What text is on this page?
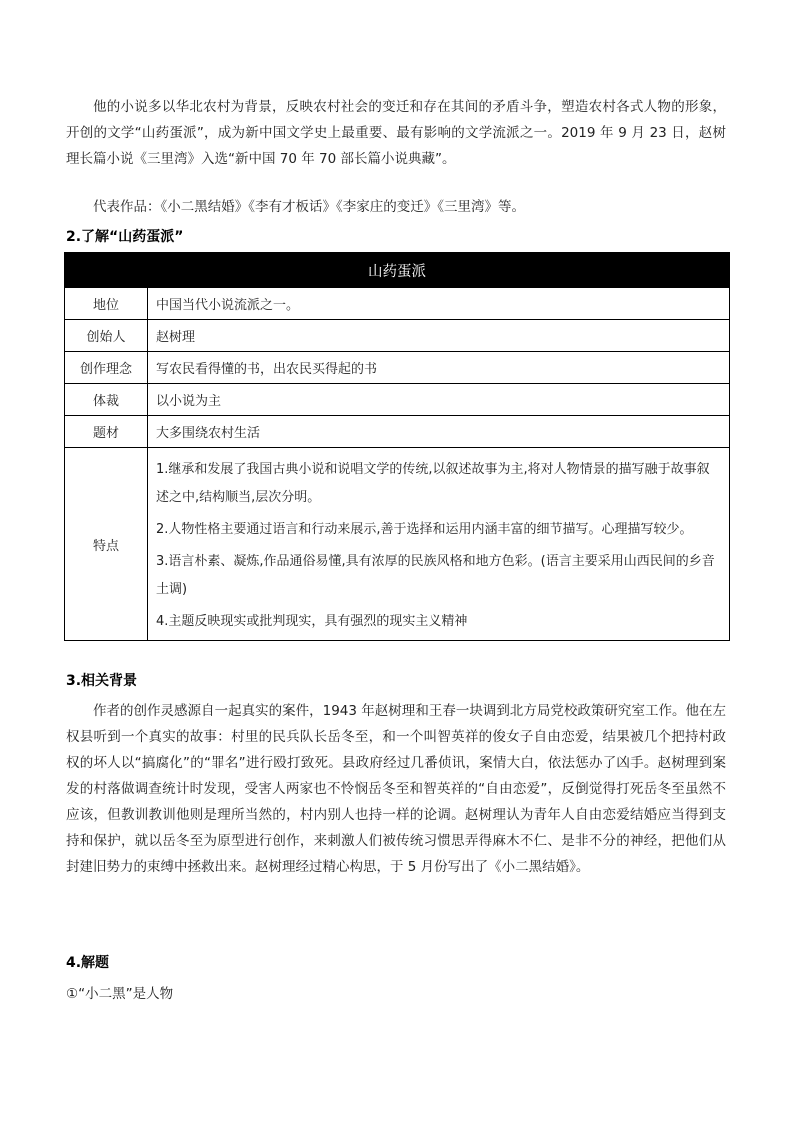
他的小说多以华北农村为背景，反映农村社会的变迁和存在其间的矛盾斗争，塑造农村各式人物的形象，开创的文学“山药蛋派”，成为新中国文学史上最重要、最有影响的文学流派之一。2019 年 9 月 23 日，赵树理长篇小说《三里湾》入选“新中国 70 年 70 部长篇小说典藏”。

代表作品：《小二黑结婚》《李有才板话》《李家庄的变迁》《三里湾》等。

2.了解“山药蛋派”
山药蛋派	
地位	中国当代小说流派之一。
创始人	赵树理
创作理念	写农民看得懂的书，出农民买得起的书
体裁	以小说为主
题材	大多围绕农村生活
特点	1.继承和发展了我国古典小说和说唱文学的传统,以叙述故事为主,将对人物情景的描写融于故事叙述之中,结构顺当,层次分明。

2.人物性格主要通过语言和行动来展示,善于选择和运用内涵丰富的细节描写。心理描写较少。

3.语言朴素、凝炼,作品通俗易懂,具有浓厚的民族风格和地方色彩。(语言主要采用山西民间的乡音土调)

4.主题反映现实或批判现实，具有强烈的现实主义精神

3.相关背景

作者的创作灵感源自一起真实的案件，1943 年赵树理和王春一块调到北方局党校政策研究室工作。他在左权县听到一个真实的故事：村里的民兵队长岳冬至，和一个叫智英祥的俊女子自由恋爱，结果被几个把持村政权的坏人以“搞腐化”的“罪名”进行殴打致死。县政府经过几番侦讯，案情大白，依法惩办了凶手。赵树理到案发的村落做调查统计时发现，受害人两家也不怜悯岳冬至和智英祥的“自由恋爱”，反倒觉得打死岳冬至虽然不应该，但教训教训他则是理所当然的，村内别人也持一样的论调。赵树理认为青年人自由恋爱结婚应当得到支持和保护，就以岳冬至为原型进行创作，来刺激人们被传统习惯思弄得麻木不仁、是非不分的神经，把他们从封建旧势力的束缚中拯救出来。赵树理经过精心构思，于 5 月份写出了《小二黑结婚》。

4.解题
①“小二黑”是人物
